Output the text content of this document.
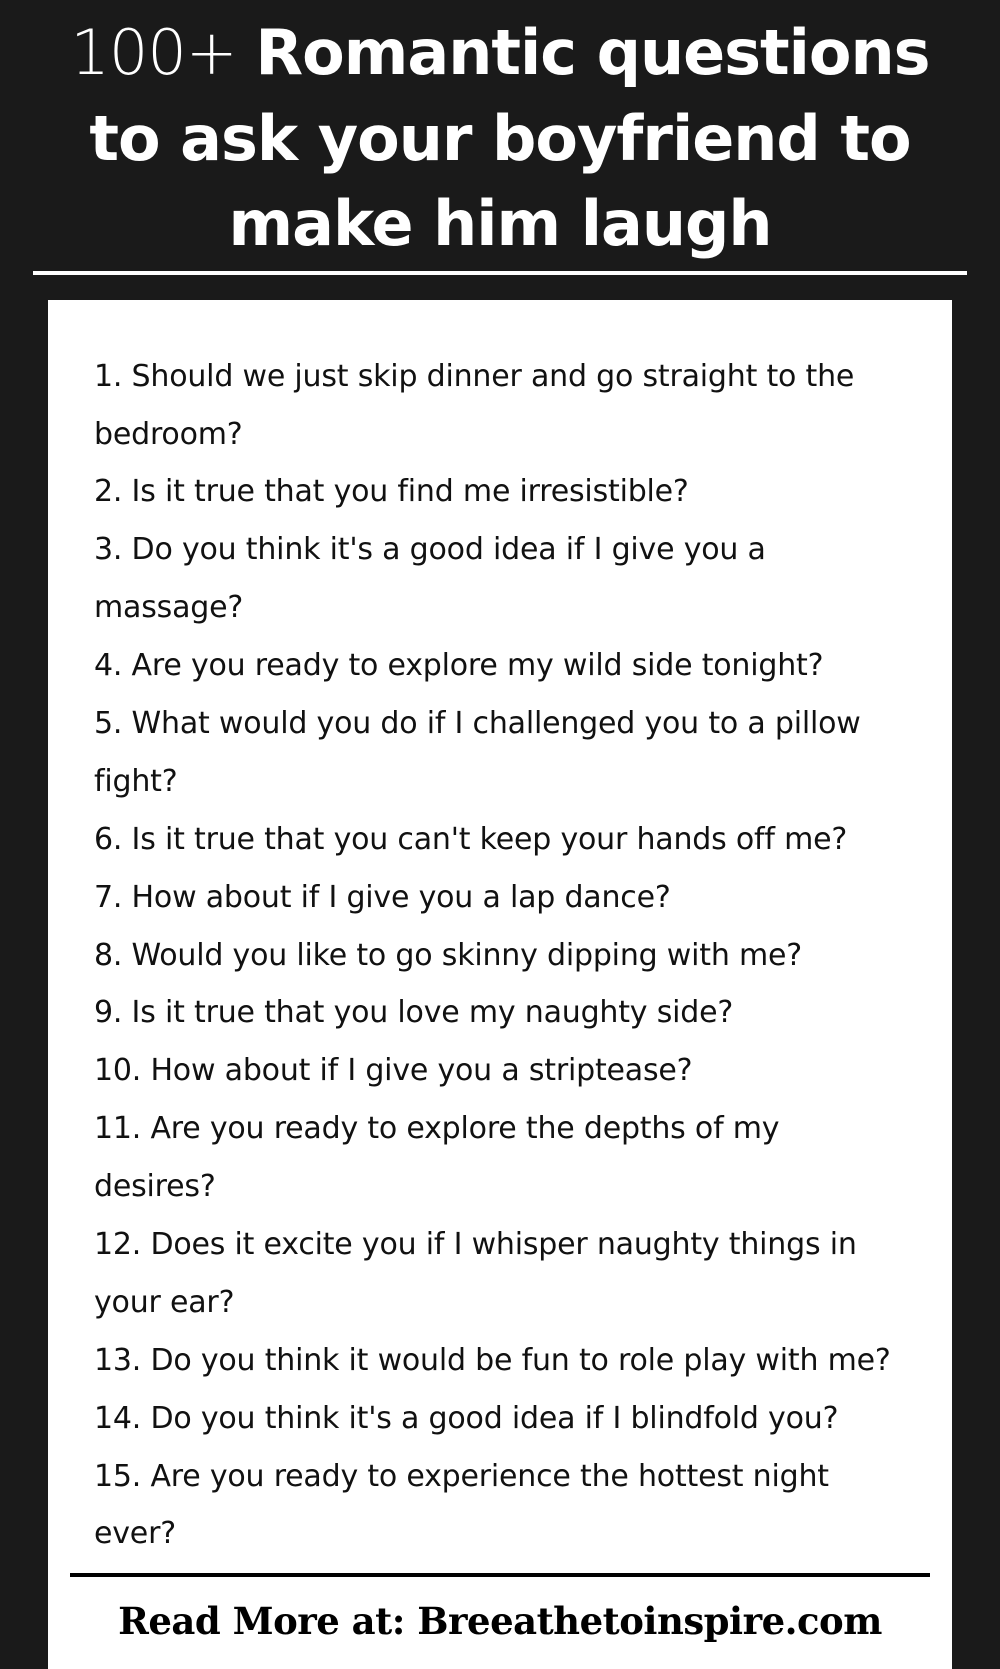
100+ Romantic questions to ask your boyfriend to make him laugh
1. Should we just skip dinner and go straight to the bedroom?
2. Is it true that you find me irresistible?
3. Do you think it's a good idea if I give you a massage?
4. Are you ready to explore my wild side tonight?
5. What would you do if I challenged you to a pillow fight?
6. Is it true that you can't keep your hands off me?
7. How about if I give you a lap dance?
8. Would you like to go skinny dipping with me?
9. Is it true that you love my naughty side?
10. How about if I give you a striptease?
11. Are you ready to explore the depths of my desires?
12. Does it excite you if I whisper naughty things in your ear?
13. Do you think it would be fun to role play with me?
14. Do you think it's a good idea if I blindfold you?
15. Are you ready to experience the hottest night ever?
Read More at: Breeathetoinspire.com
